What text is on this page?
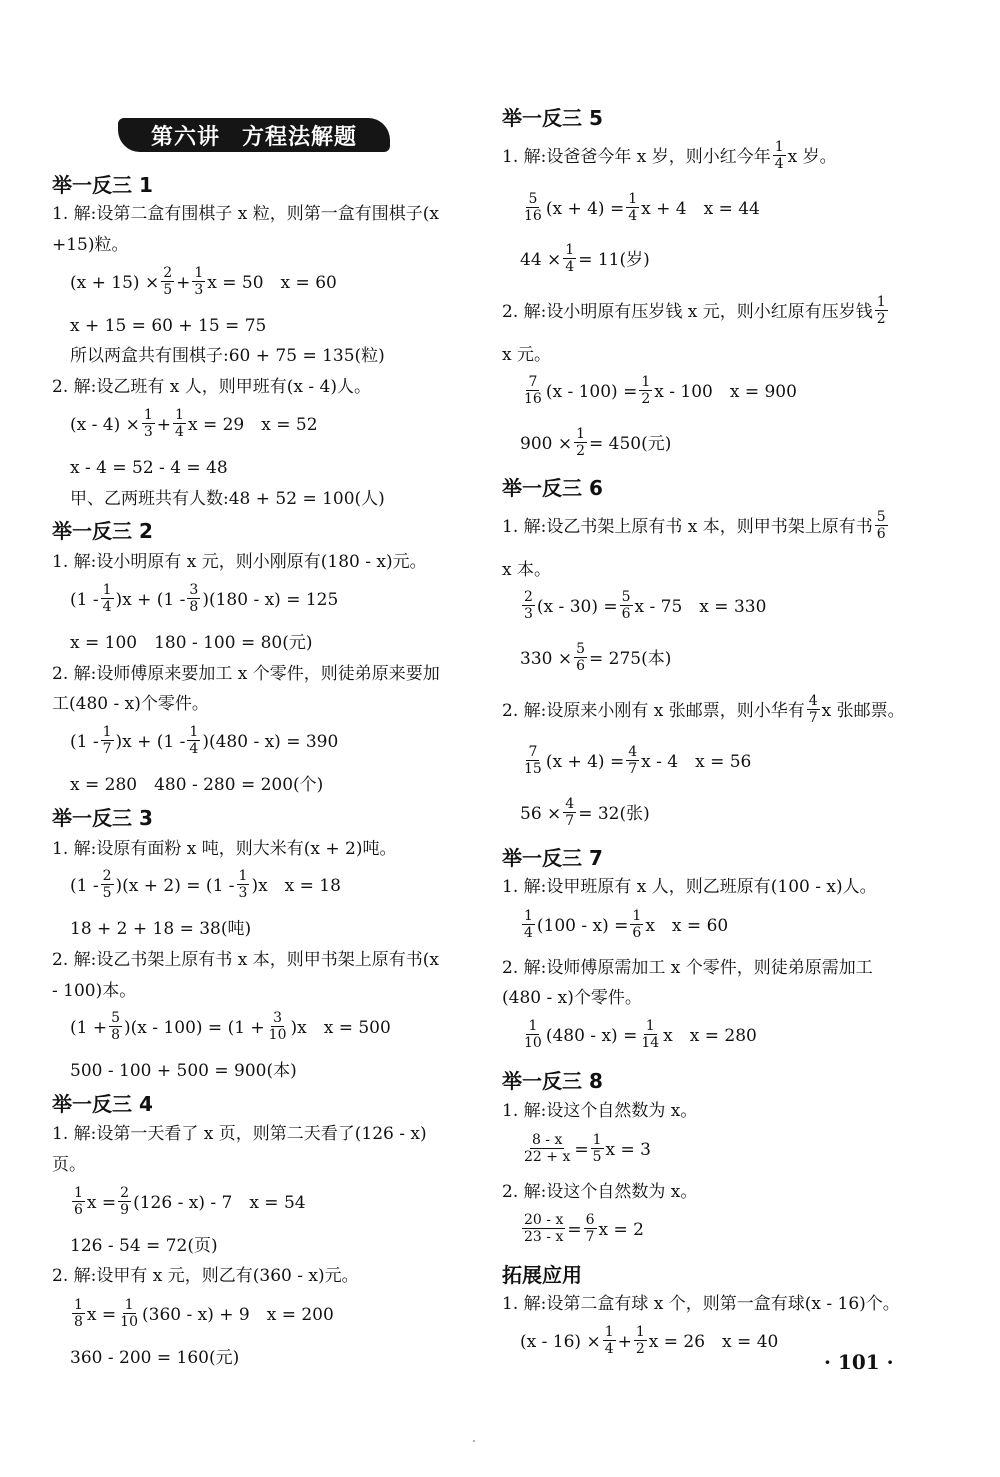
第六讲 方程法解题
举一反三 1
1. 解:设第二盒有围棋子 x 粒，则第一盒有围棋子(x
+15)粒。
$(x + 15) \times \frac{2}{5} + \frac{1}{3}$ x = 50　x = 60
x + 15 = 60 + 15 = 75
所以两盒共有围棋子:60 + 75 = 135(粒)
2. 解:设乙班有 x 人，则甲班有(x - 4)人。
$(x - 4) \times \frac{1}{3} + \frac{1}{4}$ x = 29　x = 52
x - 4 = 52 - 4 = 48
甲、乙两班共有人数:48 + 52 = 100(人)
举一反三 2
1. 解:设小明原有 x 元，则小刚原有(180 - x)元。
$(1 - \frac{1}{4} )x + (1 - \frac{3}{8} )(180 - x) = 125$
x = 100　180 - 100 = 80(元)
2. 解:设师傅原来要加工 x 个零件，则徒弟原来要加
工(480 - x)个零件。
$(1 - \frac{1}{7} )x + (1 - \frac{1}{4} )(480 - x) = 390$
x = 280　480 - 280 = 200(个)
举一反三 3
1. 解:设原有面粉 x 吨，则大米有(x + 2)吨。
$(1 - \frac{2}{5} )(x + 2) = (1 - \frac{1}{3} )x$　x = 18
18 + 2 + 18 = 38(吨)
2. 解:设乙书架上原有书 x 本，则甲书架上原有书(x
- 100)本。
$(1 + \frac{5}{8} )(x - 100) = (1 + \frac{3}{10} )x$　x = 500
500 - 100 + 500 = 900(本)
举一反三 4
1. 解:设第一天看了 x 页，则第二天看了(126 - x)
页。
$\frac{1}{6}$ $x = \frac{2}{9} (126 - x) - 7$　x = 54
126 - 54 = 72(页)
2. 解:设甲有 x 元，则乙有(360 - x)元。
$\frac{1}{8}$ $x = \frac{1}{10} (360 - x) + 9$　x = 200
360 - 200 = 160(元)
举一反三 5
1. 解:设爸爸今年 x 岁，则小红今年 $\frac{1}{4}$ x 岁。
$\frac{5}{16} (x + 4) = \frac{1}{4}$ x + 4　x = 44
$44 \times \frac{1}{4} = 11$(岁)
2. 解:设小明原有压岁钱 x 元，则小红原有压岁钱 $\frac{1}{2}$
x 元。
$\frac{7}{16} (x - 100) = \frac{1}{2}$ x - 100　x = 900
$900 \times \frac{1}{2} = 450$(元)
举一反三 6
1. 解:设乙书架上原有书 x 本，则甲书架上原有书 $\frac{5}{6}$
x 本。
$\frac{2}{3} (x - 30) = \frac{5}{6}$ x - 75　x = 330
$330 \times \frac{5}{6} = 275$(本)
2. 解:设原来小刚有 x 张邮票，则小华有 $\frac{4}{7}$ x 张邮票。
$\frac{7}{15} (x + 4) = \frac{4}{7}$ x - 4　x = 56
$56 \times \frac{4}{7} = 32$(张)
举一反三 7
1. 解:设甲班原有 x 人，则乙班原有(100 - x)人。
$\frac{1}{4} (100 - x) = \frac{1}{6}$ x　x = 60
2. 解:设师傅原需加工 x 个零件，则徒弟原需加工
(480 - x)个零件。
$\frac{1}{10} (480 - x) = \frac{1}{14}$ x　x = 280
举一反三 8
1. 解:设这个自然数为 x。
$\frac{8 - x}{22 + x} = \frac{1}{5}$ x = 3
2. 解:设这个自然数为 x。
$\frac{20 - x}{23 - x} = \frac{6}{7}$ x = 2
拓展应用
1. 解:设第二盒有球 x 个，则第一盒有球(x - 16)个。
$(x - 16) \times \frac{1}{4} + \frac{1}{2}$ x = 26　x = 40
· 101 ·
